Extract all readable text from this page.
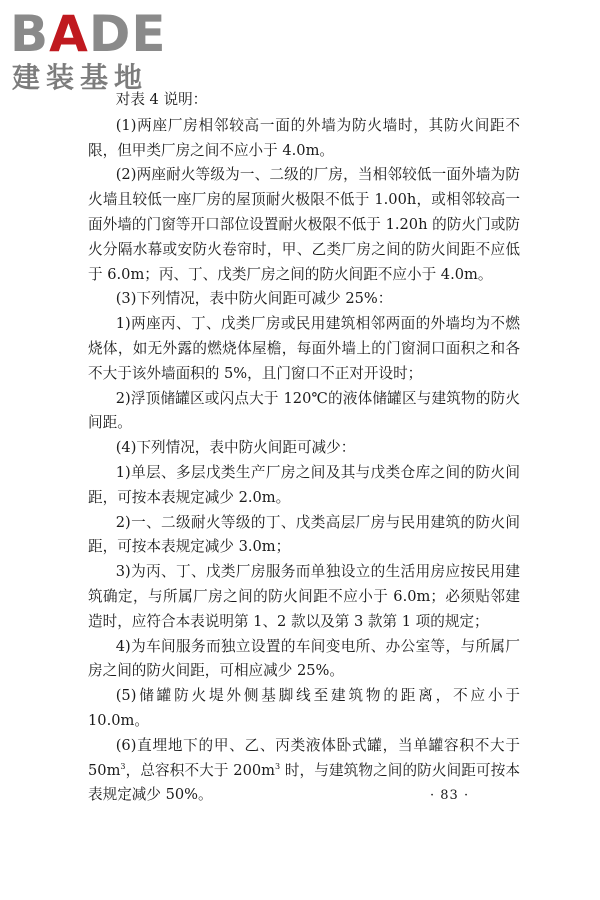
BADE
建装基地

对表 4 说明：

(1)两座厂房相邻较高一面的外墙为防火墙时，其防火间距不限，但甲类厂房之间不应小于 4.0m。

(2)两座耐火等级为一、二级的厂房，当相邻较低一面外墙为防火墙且较低一座厂房的屋顶耐火极限不低于 1.00h，或相邻较高一面外墙的门窗等开口部位设置耐火极限不低于 1.20h 的防火门或防火分隔水幕或安防火卷帘时，甲、乙类厂房之间的防火间距不应低于 6.0m；丙、丁、戊类厂房之间的防火间距不应小于 4.0m。

(3)下列情况，表中防火间距可减少 25%：

1)两座丙、丁、戊类厂房或民用建筑相邻两面的外墙均为不燃烧体，如无外露的燃烧体屋檐，每面外墙上的门窗洞口面积之和各不大于该外墙面积的 5%，且门窗口不正对开设时；

2)浮顶储罐区或闪点大于 120℃的液体储罐区与建筑物的防火间距。

(4)下列情况，表中防火间距可减少：

1)单层、多层戊类生产厂房之间及其与戊类仓库之间的防火间距，可按本表规定减少 2.0m。

2)一、二级耐火等级的丁、戊类高层厂房与民用建筑的防火间距，可按本表规定减少 3.0m；

3)为丙、丁、戊类厂房服务而单独设立的生活用房应按民用建筑确定，与所属厂房之间的防火间距不应小于 6.0m；必须贴邻建造时，应符合本表说明第 1、2 款以及第 3 款第 1 项的规定；

4)为车间服务而独立设置的车间变电所、办公室等，与所属厂房之间的防火间距，可相应减少 25%。

(5)储罐防火堤外侧基脚线至建筑物的距离，不应小于 10.0m。

(6)直埋地下的甲、乙、丙类液体卧式罐，当单罐容积不大于 $50m^3$，总容积不大于 $200m^3$ 时，与建筑物之间的防火间距可按本表规定减少 50%。	· 83 ·
